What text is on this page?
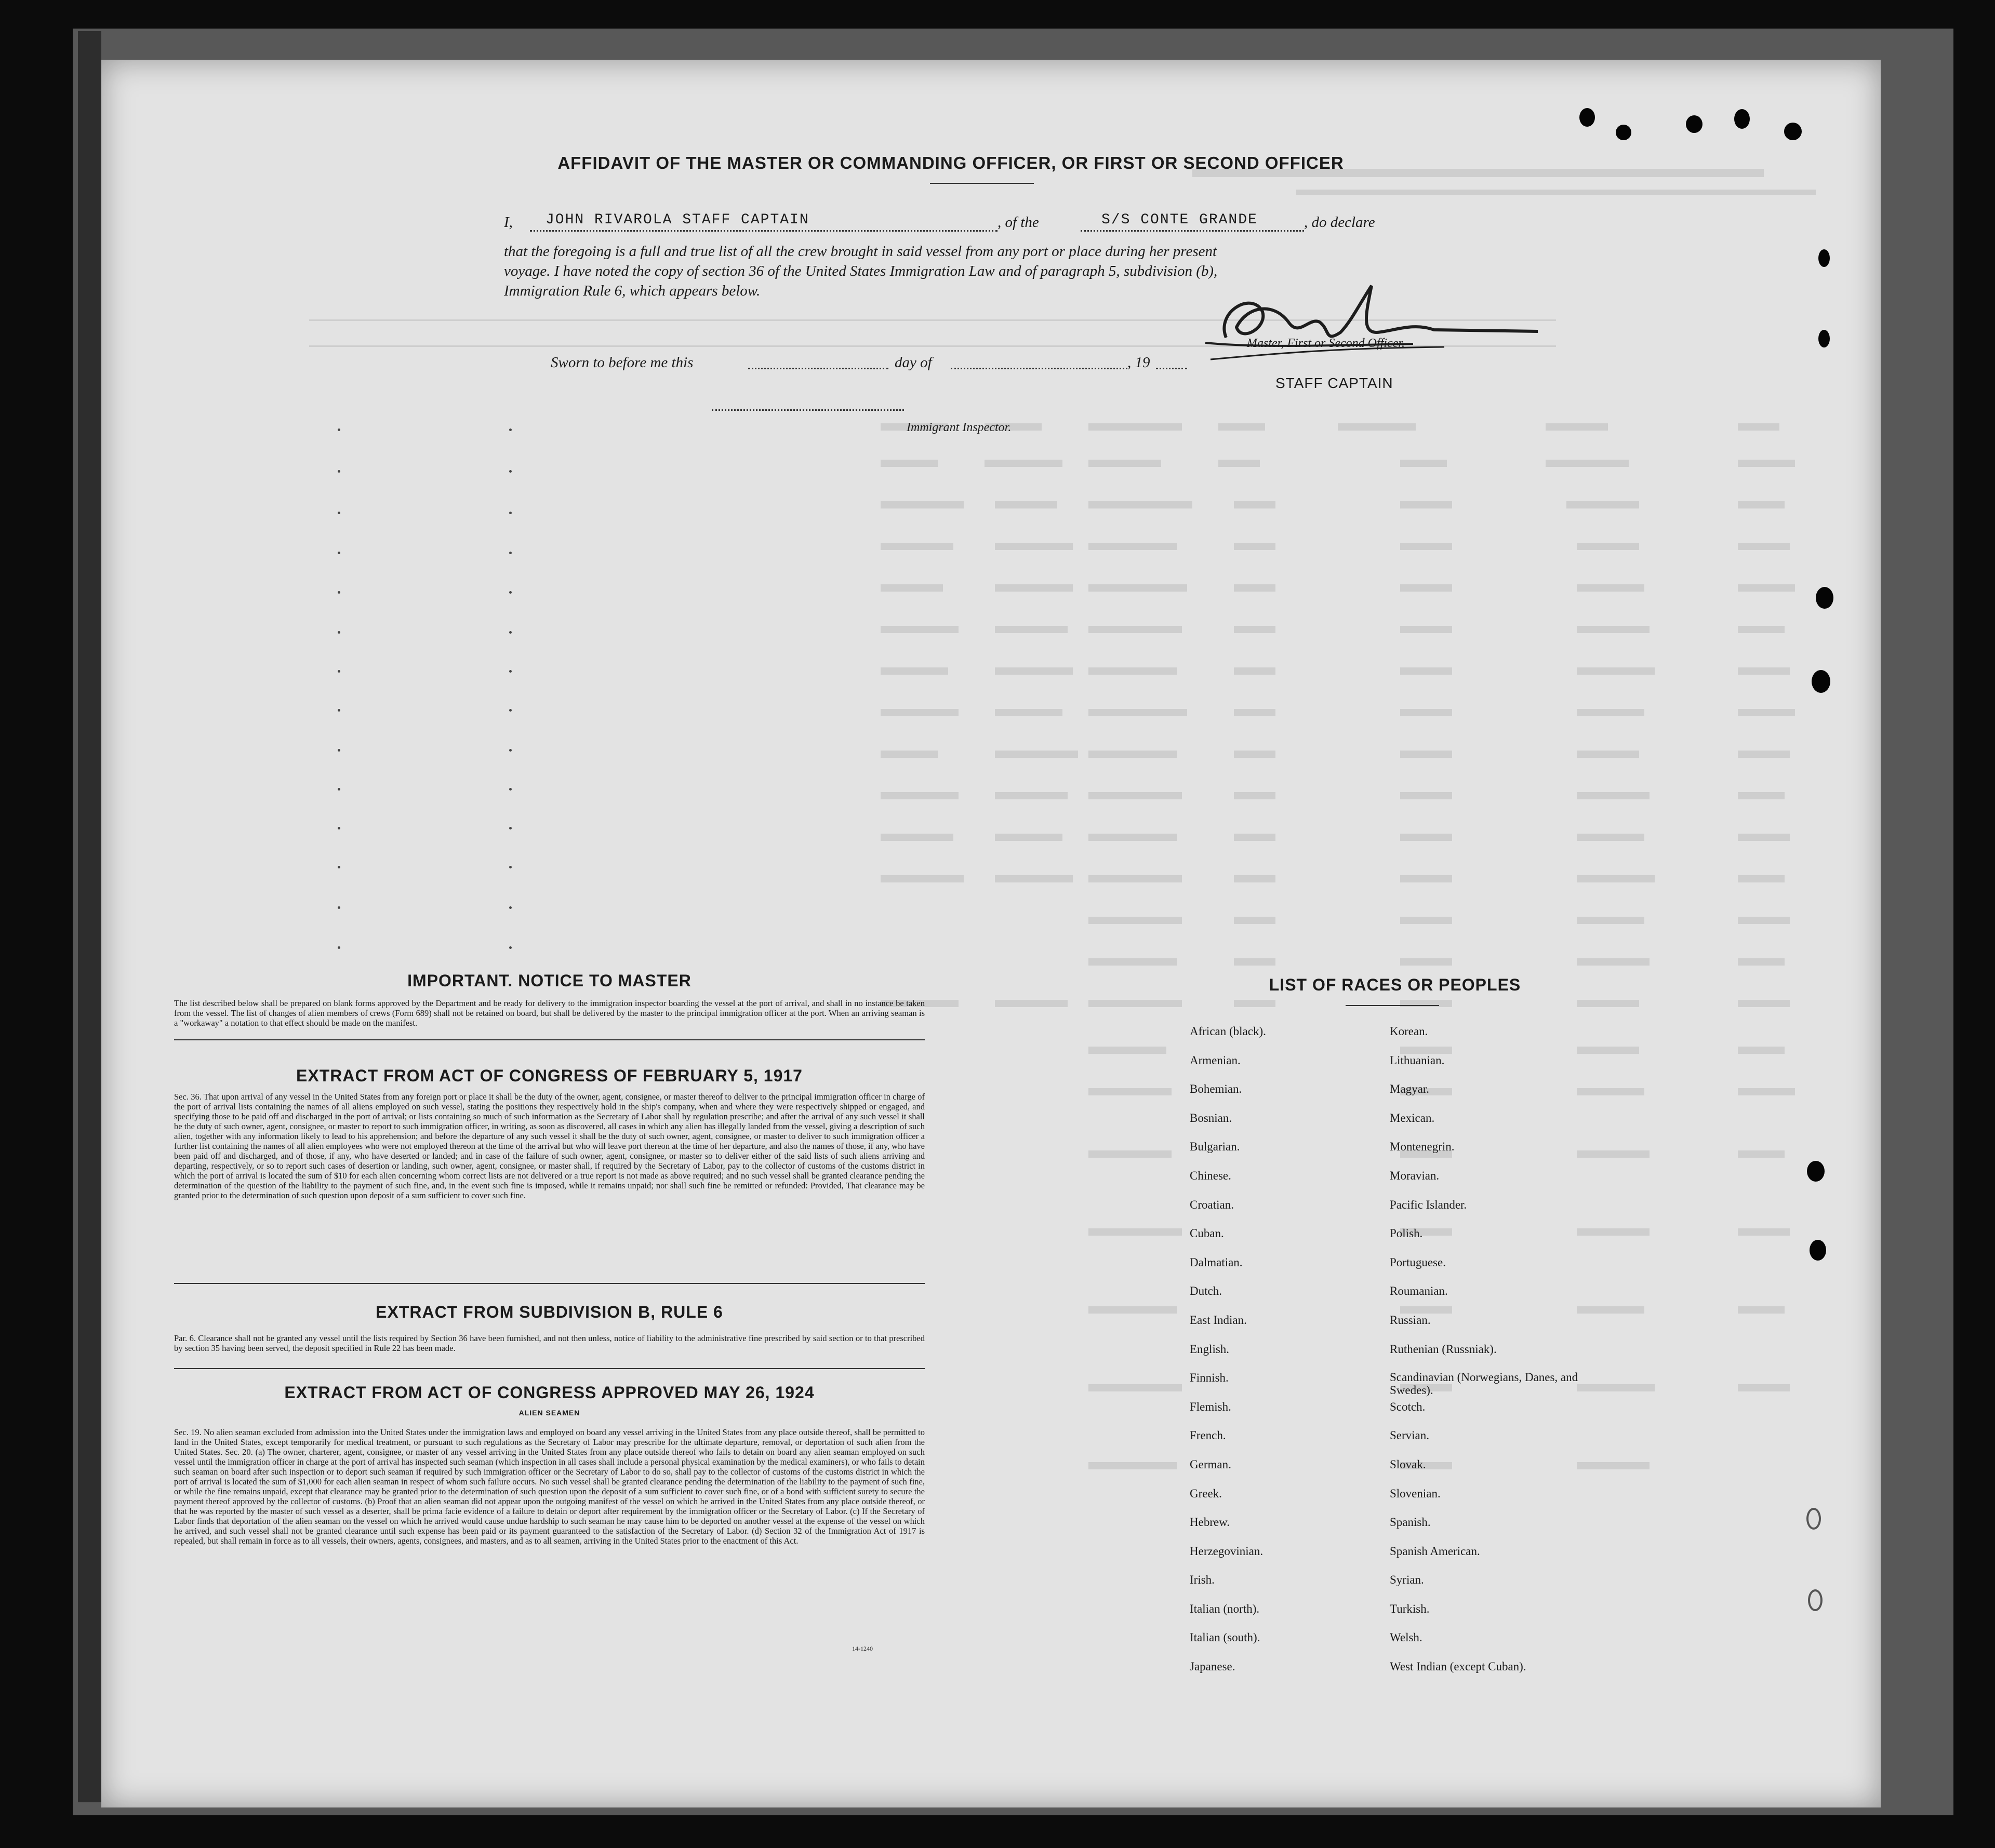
AFFIDAVIT OF THE MASTER OR COMMANDING OFFICER, OR FIRST OR SECOND OFFICER
I, JOHN RIVAROLA STAFF CAPTAIN	, of the	S/S CONTE GRANDE	, do declare
that the foregoing is a full and true list of all the crew brought in said vessel from any port or place during her present
voyage. I have noted the copy of section 36 of the United States Immigration Law and of paragraph 5, subdivision (b),
Immigration Rule 6, which appears below.
Master, First or Second Officer.
STAFF CAPTAIN
Sworn to before me this	day of	, 19
Immigrant Inspector.
IMPORTANT. NOTICE TO MASTER
The list described below shall be prepared on blank forms approved by the Department and be ready for delivery to the immigration inspector boarding the vessel at the port of arrival, and shall in no instance be taken from the vessel. The list of changes of alien members of crews (Form 689) shall not be retained on board, but shall be delivered by the master to the principal immigration officer at the port. When an arriving seaman is a "workaway" a notation to that effect should be made on the manifest.
EXTRACT FROM ACT OF CONGRESS OF FEBRUARY 5, 1917
Sec. 36. That upon arrival of any vessel in the United States from any foreign port or place it shall be the duty of the owner, agent, consignee, or master thereof to deliver to the principal immigration officer in charge of the port of arrival lists containing the names of all aliens employed on such vessel, stating the positions they respectively hold in the ship's company, when and where they were respectively shipped or engaged, and specifying those to be paid off and discharged in the port of arrival; or lists containing so much of such information as the Secretary of Labor shall by regulation prescribe; and after the arrival of any such vessel it shall be the duty of such owner, agent, consignee, or master to report to such immigration officer, in writing, as soon as discovered, all cases in which any alien has illegally landed from the vessel, giving a description of such alien, together with any information likely to lead to his apprehension; and before the departure of any such vessel it shall be the duty of such owner, agent, consignee, or master to deliver to such immigration officer a further list containing the names of all alien employees who were not employed thereon at the time of the arrival but who will leave port thereon at the time of her departure, and also the names of those, if any, who have been paid off and discharged, and of those, if any, who have deserted or landed; and in case of the failure of such owner, agent, consignee, or master so to deliver either of the said lists of such aliens arriving and departing, respectively, or so to report such cases of desertion or landing, such owner, agent, consignee, or master shall, if required by the Secretary of Labor, pay to the collector of customs of the customs district in which the port of arrival is located the sum of $10 for each alien concerning whom correct lists are not delivered or a true report is not made as above required; and no such vessel shall be granted clearance pending the determination of the question of the liability to the payment of such fine, and, in the event such fine is imposed, while it remains unpaid; nor shall such fine be remitted or refunded: Provided, That clearance may be granted prior to the determination of such question upon deposit of a sum sufficient to cover such fine.
EXTRACT FROM SUBDIVISION B, RULE 6
Par. 6. Clearance shall not be granted any vessel until the lists required by Section 36 have been furnished, and not then unless, notice of liability to the administrative fine prescribed by said section or to that prescribed by section 35 having been served, the deposit specified in Rule 22 has been made.
EXTRACT FROM ACT OF CONGRESS APPROVED MAY 26, 1924
ALIEN SEAMEN
Sec. 19. No alien seaman excluded from admission into the United States under the immigration laws and employed on board any vessel arriving in the United States from any place outside thereof, shall be permitted to land in the United States, except temporarily for medical treatment, or pursuant to such regulations as the Secretary of Labor may prescribe for the ultimate departure, removal, or deportation of such alien from the United States. Sec. 20. (a) The owner, charterer, agent, consignee, or master of any vessel arriving in the United States from any place outside thereof who fails to detain on board any alien seaman employed on such vessel until the immigration officer in charge at the port of arrival has inspected such seaman (which inspection in all cases shall include a personal physical examination by the medical examiners), or who fails to detain such seaman on board after such inspection or to deport such seaman if required by such immigration officer or the Secretary of Labor to do so, shall pay to the collector of customs of the customs district in which the port of arrival is located the sum of $1,000 for each alien seaman in respect of whom such failure occurs. No such vessel shall be granted clearance pending the determination of the liability to the payment of such fine, or while the fine remains unpaid, except that clearance may be granted prior to the determination of such question upon the deposit of a sum sufficient to cover such fine, or of a bond with sufficient surety to secure the payment thereof approved by the collector of customs. (b) Proof that an alien seaman did not appear upon the outgoing manifest of the vessel on which he arrived in the United States from any place outside thereof, or that he was reported by the master of such vessel as a deserter, shall be prima facie evidence of a failure to detain or deport after requirement by the immigration officer or the Secretary of Labor. (c) If the Secretary of Labor finds that deportation of the alien seaman on the vessel on which he arrived would cause undue hardship to such seaman he may cause him to be deported on another vessel at the expense of the vessel on which he arrived, and such vessel shall not be granted clearance until such expense has been paid or its payment guaranteed to the satisfaction of the Secretary of Labor. (d) Section 32 of the Immigration Act of 1917 is repealed, but shall remain in force as to all vessels, their owners, agents, consignees, and masters, and as to all seamen, arriving in the United States prior to the enactment of this Act.
14-1240
LIST OF RACES OR PEOPLES
African (black).
Armenian.
Bohemian.
Bosnian.
Bulgarian.
Chinese.
Croatian.
Cuban.
Dalmatian.
Dutch.
East Indian.
English.
Finnish.
Flemish.
French.
German.
Greek.
Hebrew.
Herzegovinian.
Irish.
Italian (north).
Italian (south).
Japanese.
Korean.
Lithuanian.
Magyar.
Mexican.
Montenegrin.
Moravian.
Pacific Islander.
Polish.
Portuguese.
Roumanian.
Russian.
Ruthenian (Russniak).
Scandinavian (Norwegians, Danes, and Swedes).
Scotch.
Servian.
Slovak.
Slovenian.
Spanish.
Spanish American.
Syrian.
Turkish.
Welsh.
West Indian (except Cuban).
